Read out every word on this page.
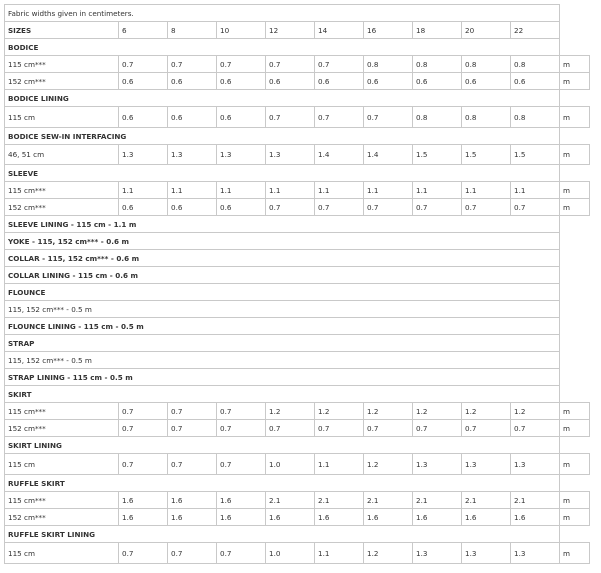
Fabric widths given in centimeters.										
SIZES	6	8	10	12	14	16	18	20	22	
BODICE										
115 cm***	0.7	0.7	0.7	0.7	0.7	0.8	0.8	0.8	0.8	m
152 cm***	0.6	0.6	0.6	0.6	0.6	0.6	0.6	0.6	0.6	m
BODICE LINING										
115 cm	0.6	0.6	0.6	0.7	0.7	0.7	0.8	0.8	0.8	m
BODICE SEW-IN INTERFACING										
46, 51 cm	1.3	1.3	1.3	1.3	1.4	1.4	1.5	1.5	1.5	m
SLEEVE										
115 cm***	1.1	1.1	1.1	1.1	1.1	1.1	1.1	1.1	1.1	m
152 cm***	0.6	0.6	0.6	0.7	0.7	0.7	0.7	0.7	0.7	m
SLEEVE LINING - 115 cm - 1.1 m										
YOKE - 115, 152 cm*** - 0.6 m										
COLLAR - 115, 152 cm*** - 0.6 m										
COLLAR LINING - 115 cm - 0.6 m										
FLOUNCE										
115, 152 cm*** - 0.5 m										
FLOUNCE LINING - 115 cm - 0.5 m										
STRAP										
115, 152 cm*** - 0.5 m										
STRAP LINING - 115 cm - 0.5 m										
SKIRT										
115 cm***	0.7	0.7	0.7	1.2	1.2	1.2	1.2	1.2	1.2	m
152 cm***	0.7	0.7	0.7	0.7	0.7	0.7	0.7	0.7	0.7	m
SKIRT LINING										
115 cm	0.7	0.7	0.7	1.0	1.1	1.2	1.3	1.3	1.3	m
RUFFLE SKIRT										
115 cm***	1.6	1.6	1.6	2.1	2.1	2.1	2.1	2.1	2.1	m
152 cm***	1.6	1.6	1.6	1.6	1.6	1.6	1.6	1.6	1.6	m
RUFFLE SKIRT LINING										
115 cm	0.7	0.7	0.7	1.0	1.1	1.2	1.3	1.3	1.3	m
